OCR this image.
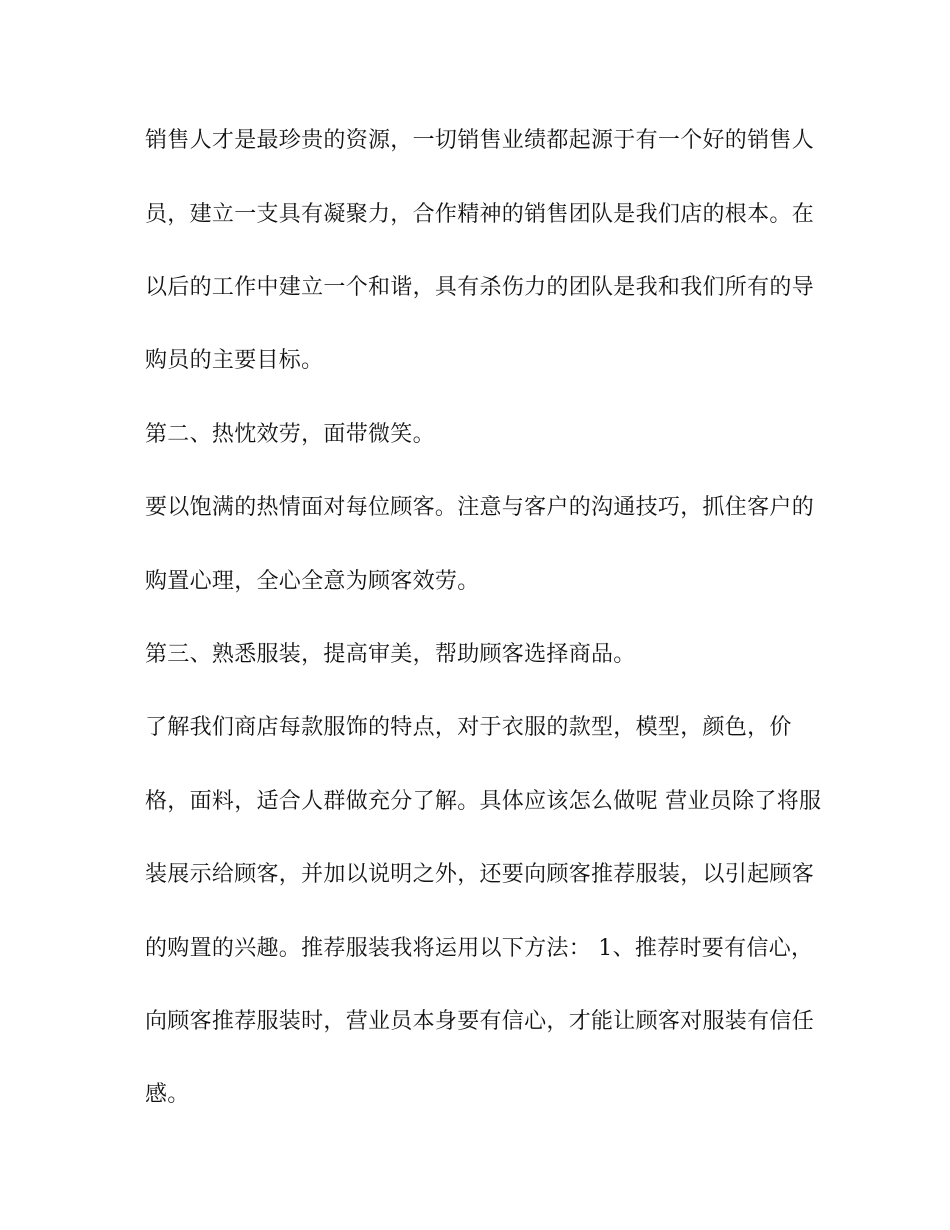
销售人才是最珍贵的资源，一切销售业绩都起源于有一个好的销售人
员，建立一支具有凝聚力，合作精神的销售团队是我们店的根本。在
以后的工作中建立一个和谐，具有杀伤力的团队是我和我们所有的导
购员的主要目标。
第二、热忱效劳，面带微笑。
要以饱满的热情面对每位顾客。注意与客户的沟通技巧，抓住客户的
购置心理，全心全意为顾客效劳。
第三、熟悉服装，提高审美，帮助顾客选择商品。
了解我们商店每款服饰的特点，对于衣服的款型，模型，颜色，价
格，面料，适合人群做充分了解。具体应该怎么做呢 营业员除了将服
装展示给顾客，并加以说明之外，还要向顾客推荐服装，以引起顾客
的购置的兴趣。推荐服装我将运用以下方法： 1、推荐时要有信心，
向顾客推荐服装时，营业员本身要有信心，才能让顾客对服装有信任
感。
